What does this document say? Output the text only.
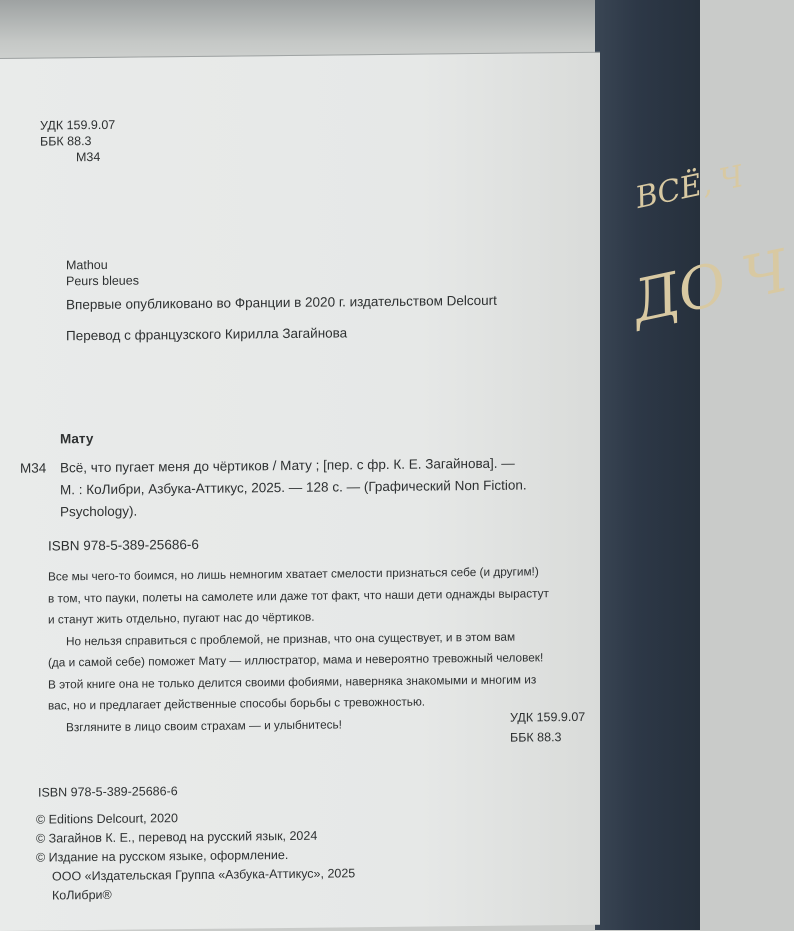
ВСЁ, Ч
ДО Ч
УДК 159.9.07
ББК 88.3
М34
Mathou
Peurs bleues
Впервые опубликовано во Франции в 2020 г. издательством Delcourt
Перевод с французского Кирилла Загайнова
Мату
М34 Всё, что пугает меня до чёртиков / Мату ; [пер. с фр. К. Е. Загайнова]. —
М. : КоЛибри, Азбука-Аттикус, 2025. — 128 с. — (Графический Non Fiction.
Psychology).
ISBN 978-5-389-25686-6

Все мы чего-то боимся, но лишь немногим хватает смелости признаться себе (и другим!)

в том, что пауки, полеты на самолете или даже тот факт, что наши дети однажды вырастут

и станут жить отдельно, пугают нас до чёртиков.

Но нельзя справиться с проблемой, не признав, что она существует, и в этом вам

(да и самой себе) поможет Мату — иллюстратор, мама и невероятно тревожный человек!

В этой книге она не только делится своими фобиями, наверняка знакомыми и многим из

вас, но и предлагает действенные способы борьбы с тревожностью.

Взгляните в лицо своим страхам — и улыбнитесь!	УДК 159.9.07
ББК 88.3
ISBN 978-5-389-25686-6
© Editions Delcourt, 2020
© Загайнов К. Е., перевод на русский язык, 2024
© Издание на русском языке, оформление.
ООО «Издательская Группа «Азбука-Аттикус», 2025
КоЛибри®
